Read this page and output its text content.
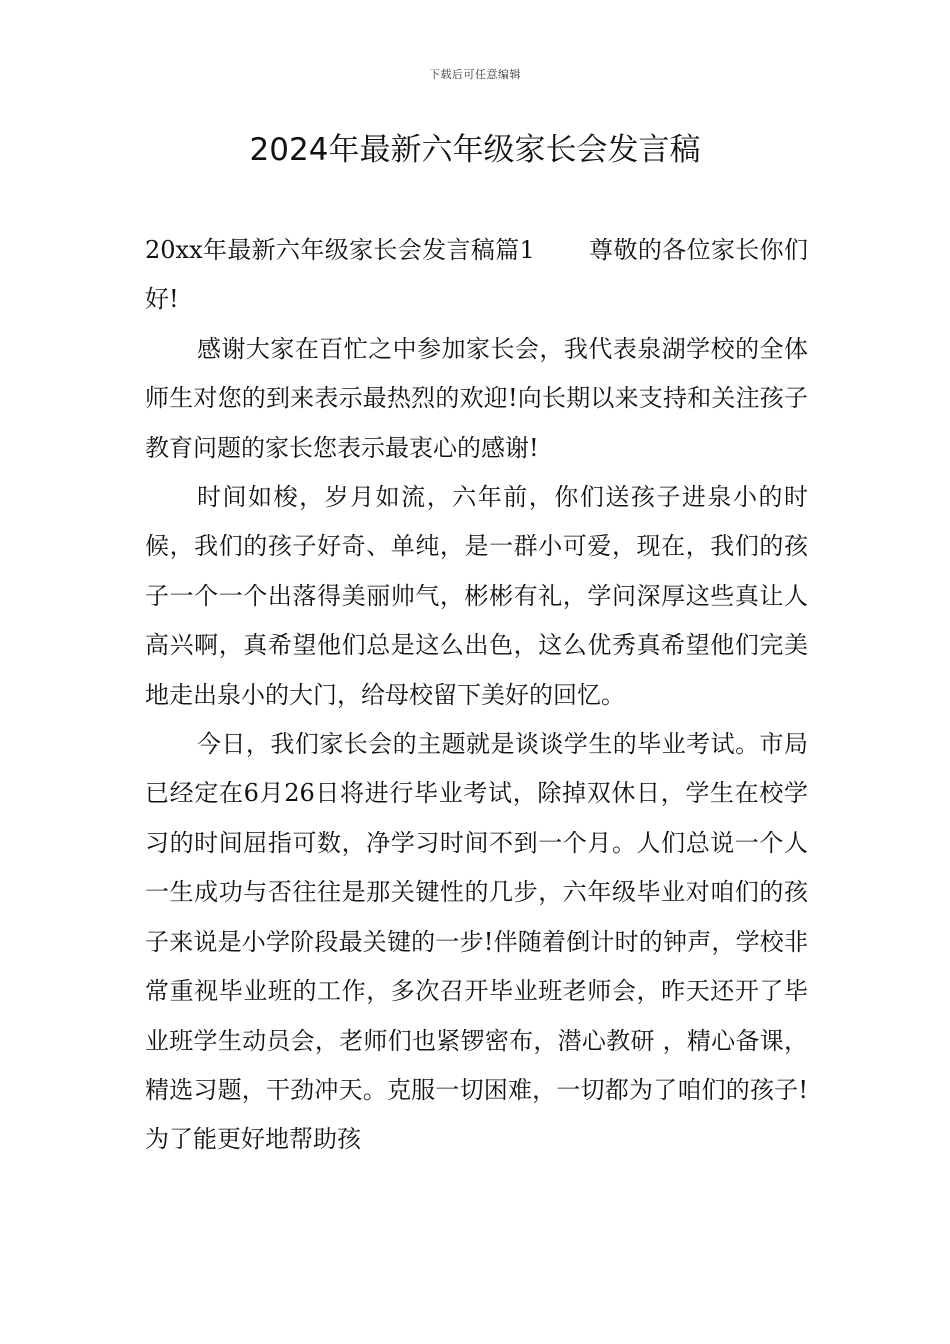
下载后可任意编辑
2024年最新六年级家长会发言稿

20xx年最新六年级家长会发言稿篇1 尊敬的各位家长你们好!

感谢大家在百忙之中参加家长会，我代表泉湖学校的全体师生对您的到来表示最热烈的欢迎!向长期以来支持和关注孩子教育问题的家长您表示最衷心的感谢!

时间如梭，岁月如流，六年前，你们送孩子进泉小的时候，我们的孩子好奇、单纯，是一群小可爱，现在，我们的孩子一个一个出落得美丽帅气，彬彬有礼，学问深厚这些真让人高兴啊，真希望他们总是这么出色，这么优秀真希望他们完美地走出泉小的大门，给母校留下美好的回忆。

今日，我们家长会的主题就是谈谈学生的毕业考试。市局已经定在6月26日将进行毕业考试，除掉双休日，学生在校学习的时间屈指可数，净学习时间不到一个月。人们总说一个人一生成功与否往往是那关键性的几步，六年级毕业对咱们的孩子来说是小学阶段最关键的一步!伴随着倒计时的钟声，学校非常重视毕业班的工作，多次召开毕业班老师会，昨天还开了毕业班学生动员会，老师们也紧锣密布，潜心教研 ，精心备课，精选习题，干劲冲天。克服一切困难，一切都为了咱们的孩子!为了能更好地帮助孩
